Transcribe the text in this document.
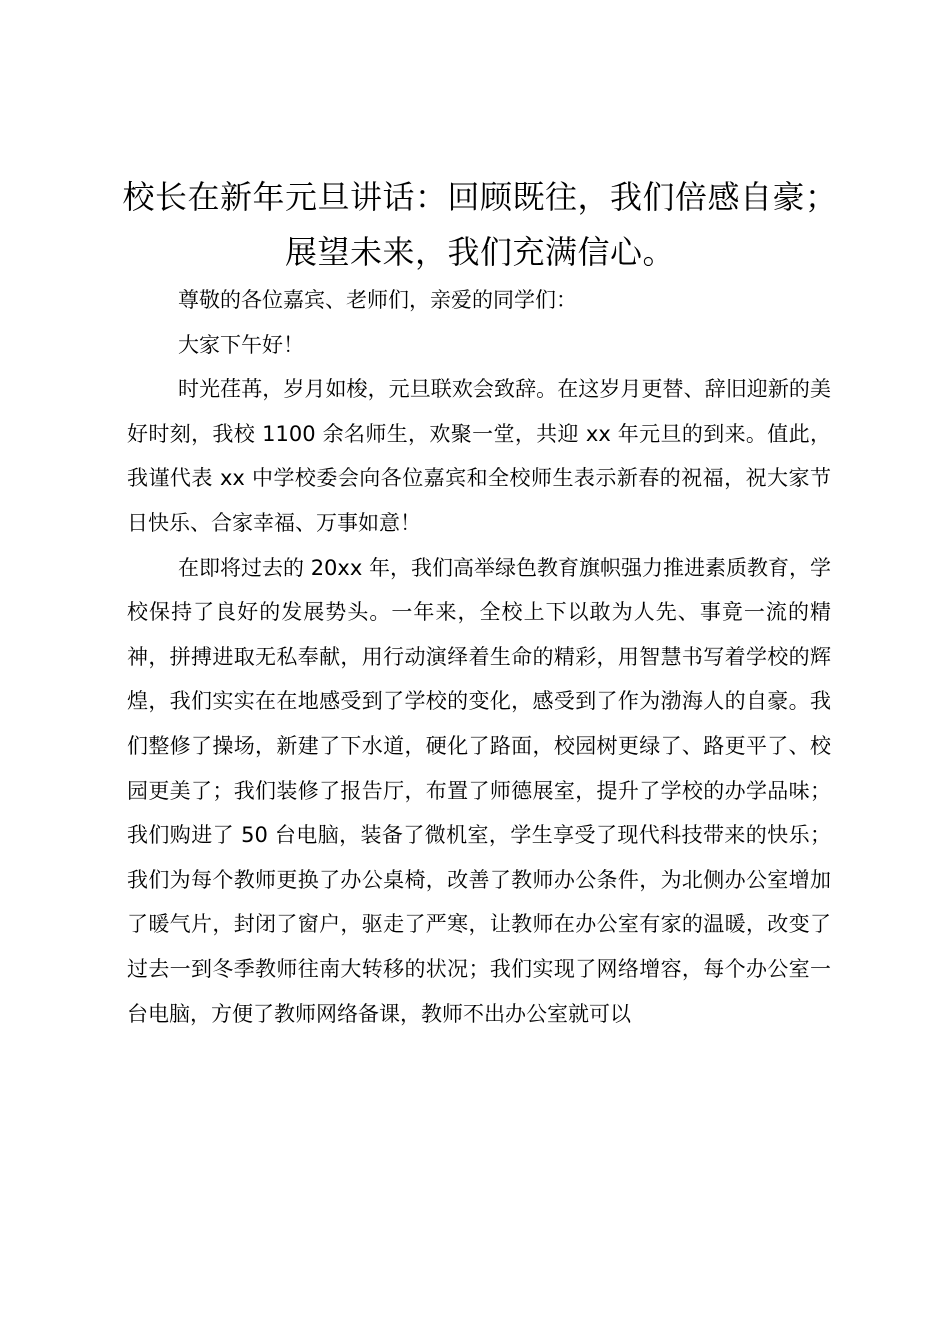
校长在新年元旦讲话：回顾既往，我们倍感自豪；展望未来，我们充满信心。

尊敬的各位嘉宾、老师们，亲爱的同学们：

大家下午好！

时光荏苒，岁月如梭，元旦联欢会致辞。在这岁月更替、辞旧迎新的美好时刻，我校 1100 余名师生，欢聚一堂，共迎 xx 年元旦的到来。值此，我谨代表 xx 中学校委会向各位嘉宾和全校师生表示新春的祝福，祝大家节日快乐、合家幸福、万事如意！

在即将过去的 20xx 年，我们高举绿色教育旗帜强力推进素质教育，学校保持了良好的发展势头。一年来，全校上下以敢为人先、事竟一流的精神，拼搏进取无私奉献，用行动演绎着生命的精彩，用智慧书写着学校的辉煌，我们实实在在地感受到了学校的变化，感受到了作为渤海人的自豪。我们整修了操场，新建了下水道，硬化了路面，校园树更绿了、路更平了、校园更美了；我们装修了报告厅，布置了师德展室，提升了学校的办学品味；我们购进了 50 台电脑，装备了微机室，学生享受了现代科技带来的快乐；我们为每个教师更换了办公桌椅，改善了教师办公条件，为北侧办公室增加了暖气片，封闭了窗户，驱走了严寒，让教师在办公室有家的温暖，改变了过去一到冬季教师往南大转移的状况；我们实现了网络增容，每个办公室一台电脑，方便了教师网络备课，教师不出办公室就可以
